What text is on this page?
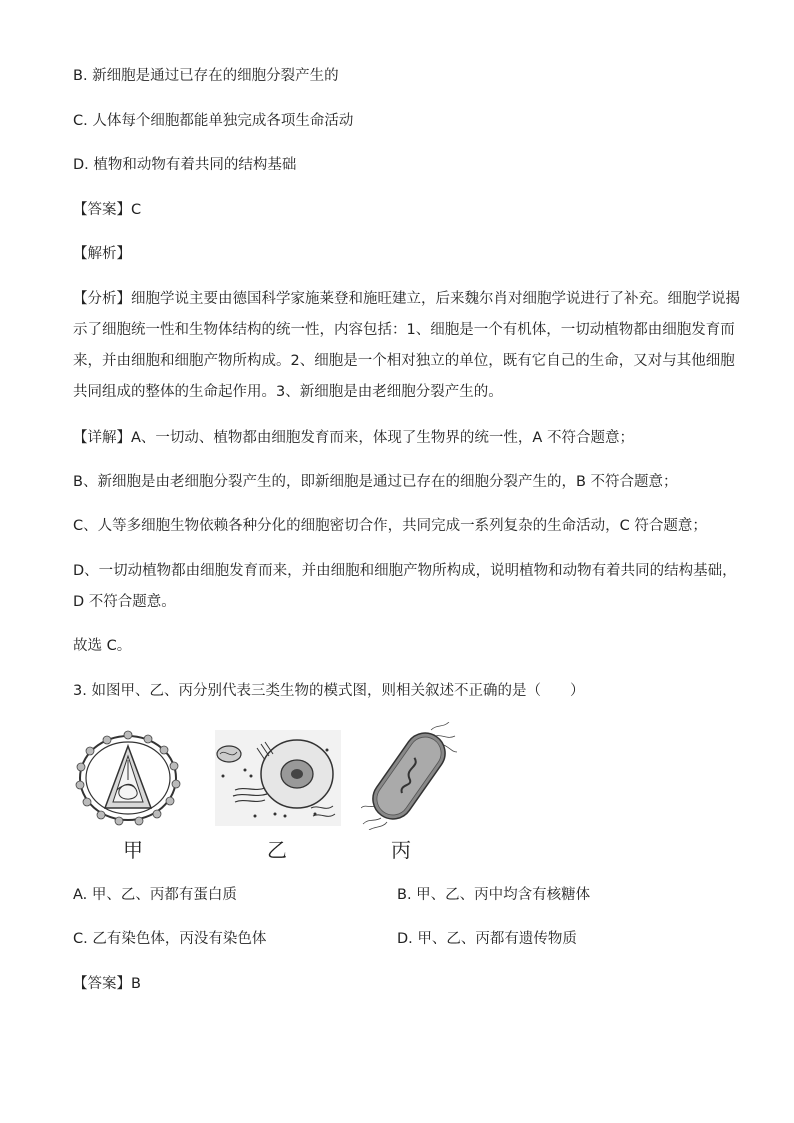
B. 新细胞是通过已存在的细胞分裂产生的
C. 人体每个细胞都能单独完成各项生命活动
D. 植物和动物有着共同的结构基础
【答案】C
【解析】
【分析】细胞学说主要由德国科学家施莱登和施旺建立，后来魏尔肖对细胞学说进行了补充。细胞学说揭
示了细胞统一性和生物体结构的统一性，内容包括：1、细胞是一个有机体，一切动植物都由细胞发育而
来，并由细胞和细胞产物所构成。2、细胞是一个相对独立的单位，既有它自己的生命，又对与其他细胞
共同组成的整体的生命起作用。3、新细胞是由老细胞分裂产生的。
【详解】A、一切动、植物都由细胞发育而来，体现了生物界的统一性，A 不符合题意；
B、新细胞是由老细胞分裂产生的，即新细胞是通过已存在的细胞分裂产生的，B 不符合题意；
C、人等多细胞生物依赖各种分化的细胞密切合作，共同完成一系列复杂的生命活动，C 符合题意；
D、一切动植物都由细胞发育而来，并由细胞和细胞产物所构成，说明植物和动物有着共同的结构基础，
D 不符合题意。
故选 C。
3. 如图甲、乙、丙分别代表三类生物的模式图，则相关叙述不正确的是（　　）
甲	乙	丙
A. 甲、乙、丙都有蛋白质	B. 甲、乙、丙中均含有核糖体
C. 乙有染色体，丙没有染色体	D. 甲、乙、丙都有遗传物质
【答案】B
